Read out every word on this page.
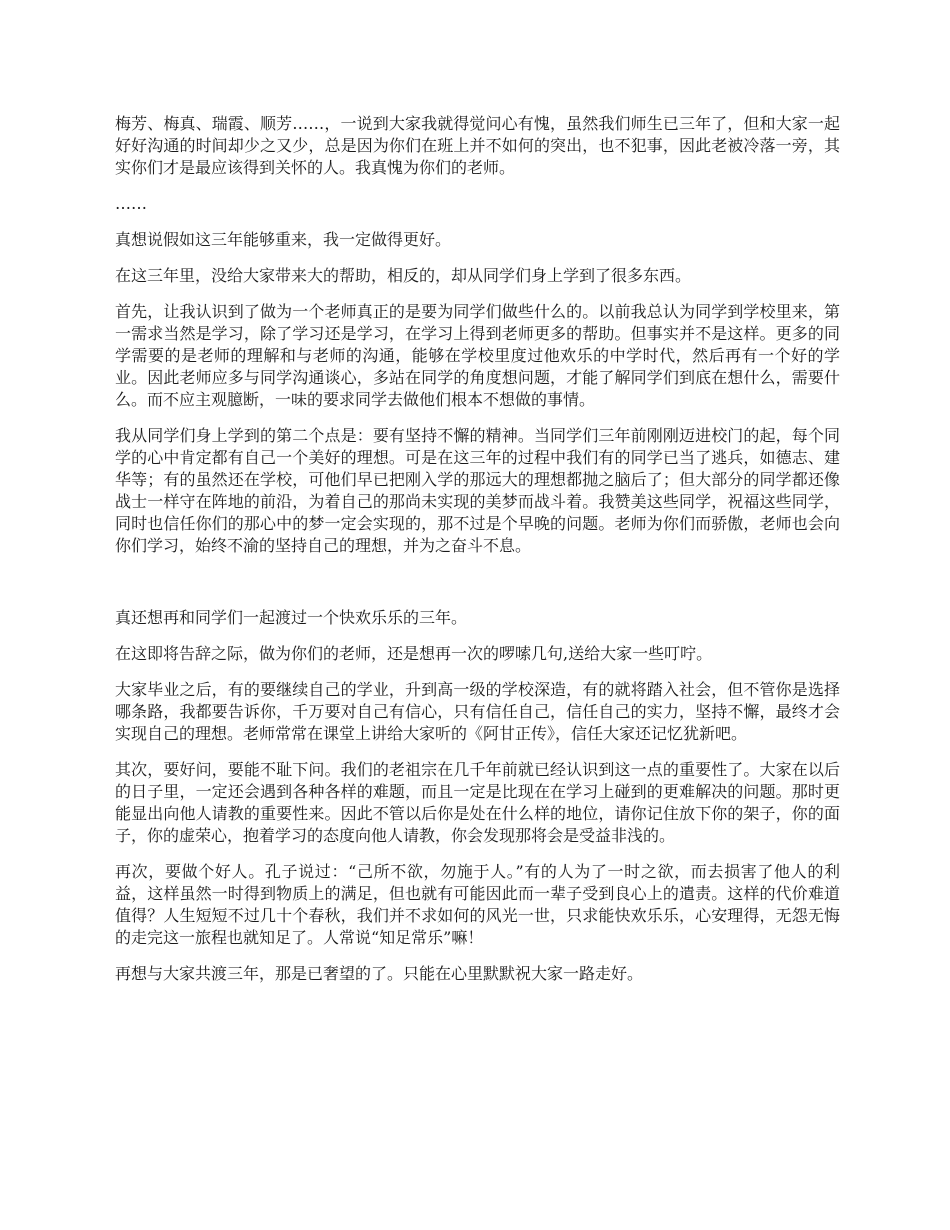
梅芳、梅真、瑞霞、顺芳……，一说到大家我就得觉问心有愧，虽然我们师生已三年了，但和大家一起好好沟通的时间却少之又少，总是因为你们在班上并不如何的突出，也不犯事，因此老被冷落一旁，其实你们才是最应该得到关怀的人。我真愧为你们的老师。

……

真想说假如这三年能够重来，我一定做得更好。

在这三年里，没给大家带来大的帮助，相反的，却从同学们身上学到了很多东西。

首先，让我认识到了做为一个老师真正的是要为同学们做些什么的。以前我总认为同学到学校里来，第一需求当然是学习，除了学习还是学习，在学习上得到老师更多的帮助。但事实并不是这样。更多的同学需要的是老师的理解和与老师的沟通，能够在学校里度过他欢乐的中学时代，然后再有一个好的学业。因此老师应多与同学沟通谈心，多站在同学的角度想问题，才能了解同学们到底在想什么，需要什么。而不应主观臆断，一味的要求同学去做他们根本不想做的事情。

我从同学们身上学到的第二个点是：要有坚持不懈的精神。当同学们三年前刚刚迈进校门的起，每个同学的心中肯定都有自己一个美好的理想。可是在这三年的过程中我们有的同学已当了逃兵，如德志、建华等；有的虽然还在学校，可他们早已把刚入学的那远大的理想都抛之脑后了；但大部分的同学都还像战士一样守在阵地的前沿，为着自己的那尚未实现的美梦而战斗着。我赞美这些同学，祝福这些同学，同时也信任你们的那心中的梦一定会实现的，那不过是个早晚的问题。老师为你们而骄傲，老师也会向你们学习，始终不渝的坚持自己的理想，并为之奋斗不息。

真还想再和同学们一起渡过一个快欢乐乐的三年。

在这即将告辞之际，做为你们的老师，还是想再一次的啰嗦几句,送给大家一些叮咛。

大家毕业之后，有的要继续自己的学业，升到高一级的学校深造，有的就将踏入社会，但不管你是选择哪条路，我都要告诉你，千万要对自己有信心，只有信任自己，信任自己的实力，坚持不懈，最终才会实现自己的理想。老师常常在课堂上讲给大家听的《阿甘正传》，信任大家还记忆犹新吧。

其次，要好问，要能不耻下问。我们的老祖宗在几千年前就已经认识到这一点的重要性了。大家在以后的日子里，一定还会遇到各种各样的难题，而且一定是比现在在学习上碰到的更难解决的问题。那时更能显出向他人请教的重要性来。因此不管以后你是处在什么样的地位，请你记住放下你的架子，你的面子，你的虚荣心，抱着学习的态度向他人请教，你会发现那将会是受益非浅的。

再次，要做个好人。孔子说过：“己所不欲，勿施于人。”有的人为了一时之欲，而去损害了他人的利益，这样虽然一时得到物质上的满足，但也就有可能因此而一辈子受到良心上的遣责。这样的代价难道值得？人生短短不过几十个春秋，我们并不求如何的风光一世，只求能快欢乐乐，心安理得，无怨无悔的走完这一旅程也就知足了。人常说“知足常乐”嘛！

再想与大家共渡三年，那是已奢望的了。只能在心里默默祝大家一路走好。
